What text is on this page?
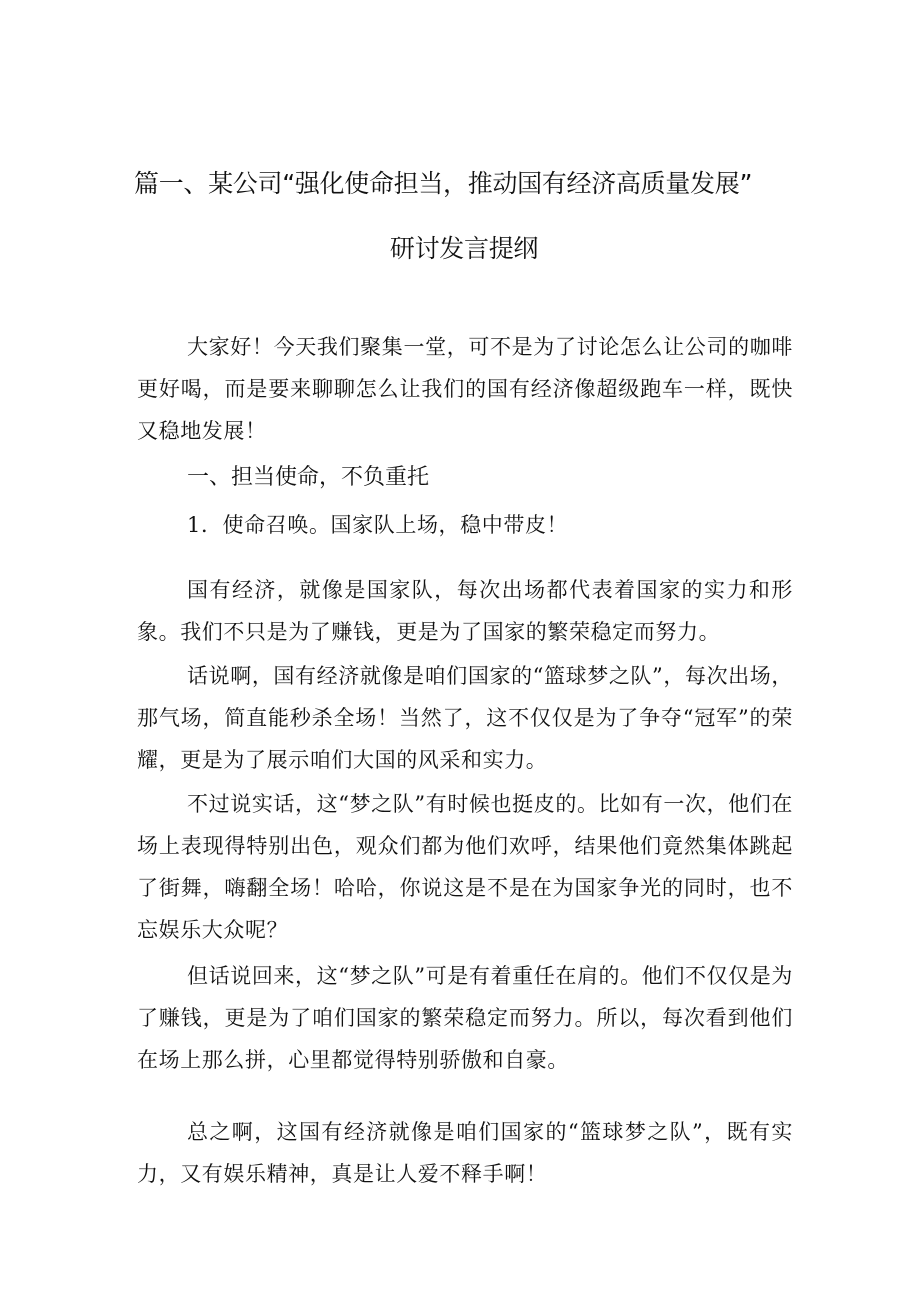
篇一、某公司“强化使命担当，推动国有经济高质量发展”
研讨发言提纲

大家好！今天我们聚集一堂，可不是为了讨论怎么让公司的咖啡更好喝，而是要来聊聊怎么让我们的国有经济像超级跑车一样，既快又稳地发展！

一、担当使命，不负重托
1．使命召唤。国家队上场，稳中带皮！

国有经济，就像是国家队，每次出场都代表着国家的实力和形象。我们不只是为了赚钱，更是为了国家的繁荣稳定而努力。

话说啊，国有经济就像是咱们国家的“篮球梦之队”，每次出场，那气场，简直能秒杀全场！当然了，这不仅仅是为了争夺“冠军”的荣耀，更是为了展示咱们大国的风采和实力。

不过说实话，这“梦之队”有时候也挺皮的。比如有一次，他们在场上表现得特别出色，观众们都为他们欢呼，结果他们竟然集体跳起了街舞，嗨翻全场！哈哈，你说这是不是在为国家争光的同时，也不忘娱乐大众呢？

但话说回来，这“梦之队”可是有着重任在肩的。他们不仅仅是为了赚钱，更是为了咱们国家的繁荣稳定而努力。所以，每次看到他们在场上那么拼，心里都觉得特别骄傲和自豪。

总之啊，这国有经济就像是咱们国家的“篮球梦之队”，既有实力，又有娱乐精神，真是让人爱不释手啊！
